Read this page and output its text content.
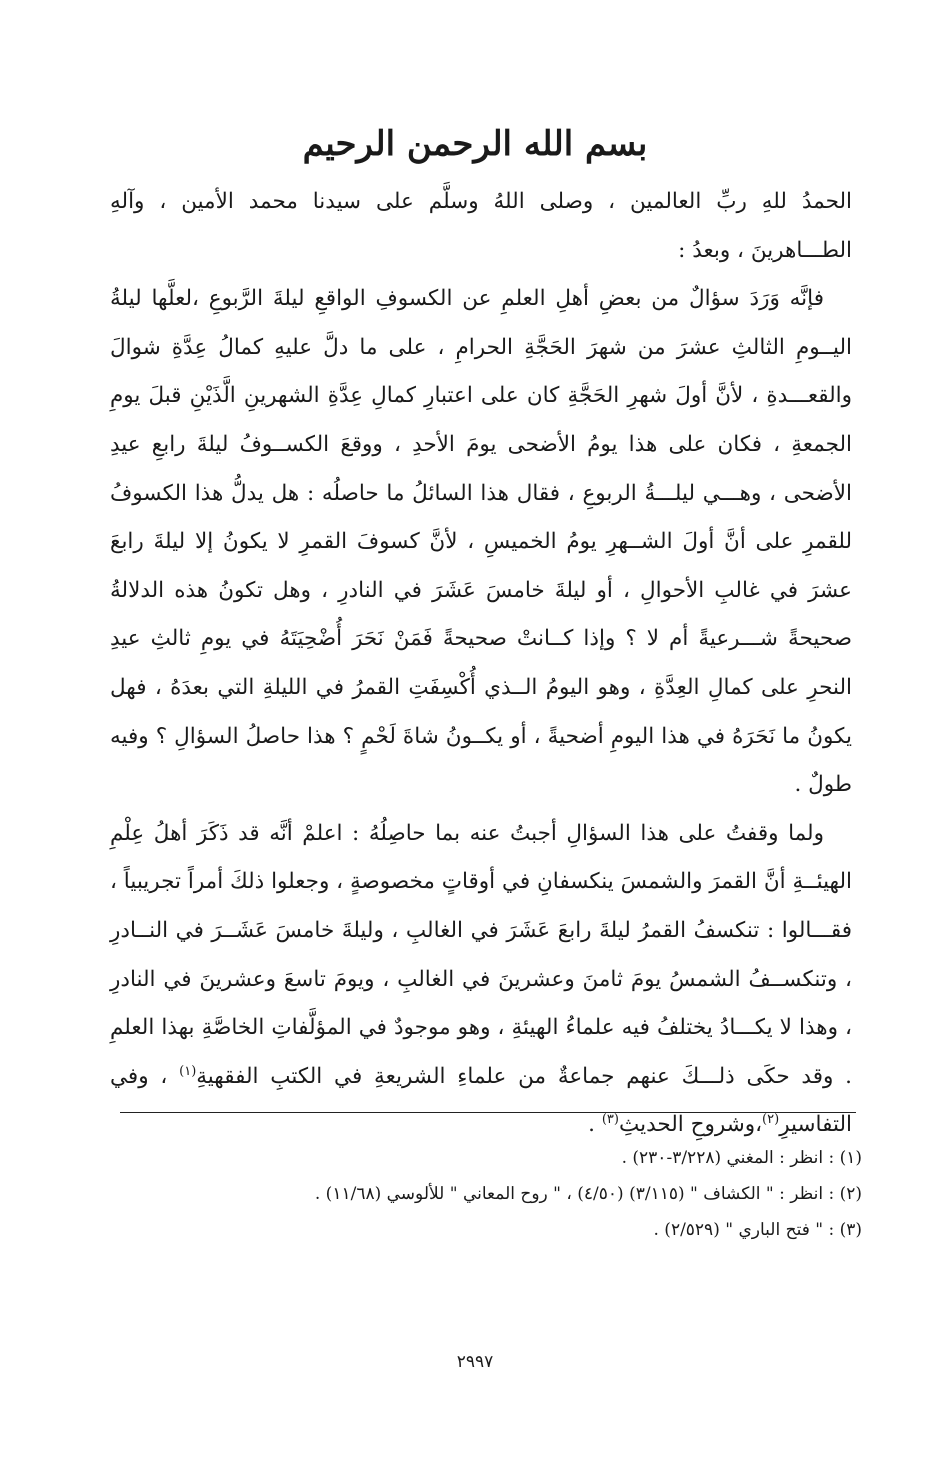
بسم الله الرحمن الرحيم

الحمدُ للهِ ربِّ العالمين ، وصلى اللهُ وسلَّم على سيدنا محمد الأمين ، وآلهِ الطـــاهرينَ ، وبعدُ :

فإنَّه وَرَدَ سؤالٌ من بعضِ أهلِ العلمِ عن الكسوفِ الواقعِ ليلةَ الرَّبوعِ ،لعلَّها ليلةُ اليــومِ الثالثِ عشرَ من شهرَ الحَجَّةِ الحرامِ ، على ما دلَّ عليهِ كمالُ عِدَّةِ شوالَ والقعـــدةِ ، لأنَّ أولَ شهرِ الحَجَّةِ كان على اعتبارِ كمالِ عِدَّةِ الشهرينِ الَّذَيْنِ قبلَ يومِ الجمعةِ ، فكان على هذا يومُ الأضحى يومَ الأحدِ ، ووقعَ الكســوفُ ليلةَ رابعِ عيدِ الأضحى ، وهـــي ليلـــةُ الربوعِ ، فقال هذا السائلُ ما حاصلُه : هل يدلُّ هذا الكسوفُ للقمرِ على أنَّ أولَ الشــهرِ يومُ الخميسِ ، لأنَّ كسوفَ القمرِ لا يكونُ إلا ليلةَ رابعَ عشرَ في غالبِ الأحوالِ ، أو ليلةَ خامسَ عَشَرَ في النادرِ ، وهل تكونُ هذه الدلالةُ صحيحةً شـــرعيةً أم لا ؟ وإذا كــانتْ صحيحةً فَمَنْ نَحَرَ أُضْحِيَتَهُ في يومِ ثالثِ عيدِ النحرِ على كمالِ العِدَّةِ ، وهو اليومُ الــذي أُكْسِفَتِ القمرُ في الليلةِ التي بعدَهُ ، فهل يكونُ ما نَحَرَهُ في هذا اليومِ أضحيةً ، أو يكــونُ شاةَ لَحْمٍ ؟ هذا حاصلُ السؤالِ ؟ وفيه طولٌ .

ولما وقفتُ على هذا السؤالِ أجبتُ عنه بما حاصِلُهُ : اعلمْ أنَّه قد ذَكَرَ أهلُ عِلْمِ الهيئــةِ أنَّ القمرَ والشمسَ ينكسفانِ في أوقاتٍ مخصوصةٍ ، وجعلوا ذلكَ أمراً تجريبياً ، فقـــالوا : تنكسفُ القمرُ ليلةَ رابعَ عَشَرَ في الغالبِ ، وليلةَ خامسَ عَشَــرَ في النــادرِ ، وتنكســفُ الشمسُ يومَ ثامنَ وعشرينَ في الغالبِ ، ويومَ تاسعَ وعشرينَ في النادرِ ، وهذا لا يكـــادُ يختلفُ فيه علماءُ الهيئةِ ، وهو موجودٌ في المؤلَّفاتِ الخاصَّةِ بهذا العلمِ . وقد حكَى ذلـــكَ عنهم جماعةٌ من علماءِ الشريعةِ في الكتبِ الفقهيةِ$^{(١)}$ ، وفي التفاسيرِ$^{(٢)}$،وشروحِ الحديثِ$^{(٣)}$ .

(١) : انظر : المغني (٣/٢٢٨-٢٣٠) .
(٢) : انظر : " الكشاف " (٣/١١٥) (٤/٥٠) ، " روح المعاني " للألوسي (١١/٦٨) .
(٣) : " فتح الباري " (٢/٥٢٩) .
٢٩٩٧
